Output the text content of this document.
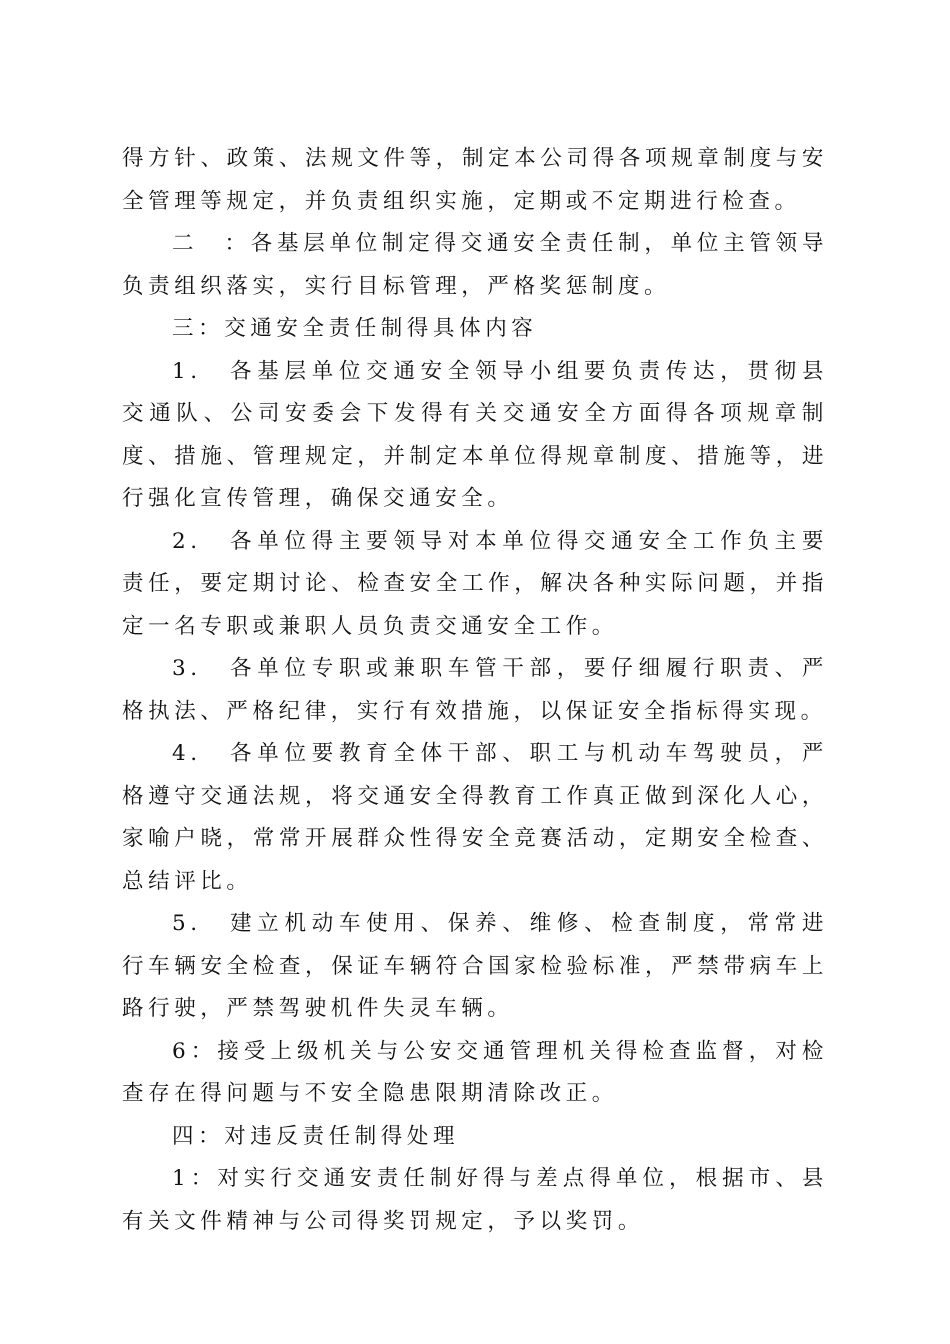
得方针、政策、法规文件等，制定本公司得各项规章制度与安全管理等规定，并负责组织实施，定期或不定期进行检查。

二　：各基层单位制定得交通安全责任制，单位主管领导负责组织落实，实行目标管理，严格奖惩制度。

三：交通安全责任制得具体内容

1.　各基层单位交通安全领导小组要负责传达，贯彻县交通队、公司安委会下发得有关交通安全方面得各项规章制度、措施、管理规定，并制定本单位得规章制度、措施等，进行强化宣传管理，确保交通安全。

2.　各单位得主要领导对本单位得交通安全工作负主要责任，要定期讨论、检查安全工作，解决各种实际问题，并指定一名专职或兼职人员负责交通安全工作。

3.　各单位专职或兼职车管干部，要仔细履行职责、严格执法、严格纪律，实行有效措施，以保证安全指标得实现。

4.　各单位要教育全体干部、职工与机动车驾驶员，严格遵守交通法规，将交通安全得教育工作真正做到深化人心，家喻户晓，常常开展群众性得安全竞赛活动，定期安全检查、总结评比。

5.　建立机动车使用、保养、维修、检查制度，常常进行车辆安全检查，保证车辆符合国家检验标准，严禁带病车上路行驶，严禁驾驶机件失灵车辆。

6：接受上级机关与公安交通管理机关得检查监督，对检查存在得问题与不安全隐患限期清除改正。

四：对违反责任制得处理

1：对实行交通安责任制好得与差点得单位，根据市、县有关文件精神与公司得奖罚规定，予以奖罚。
